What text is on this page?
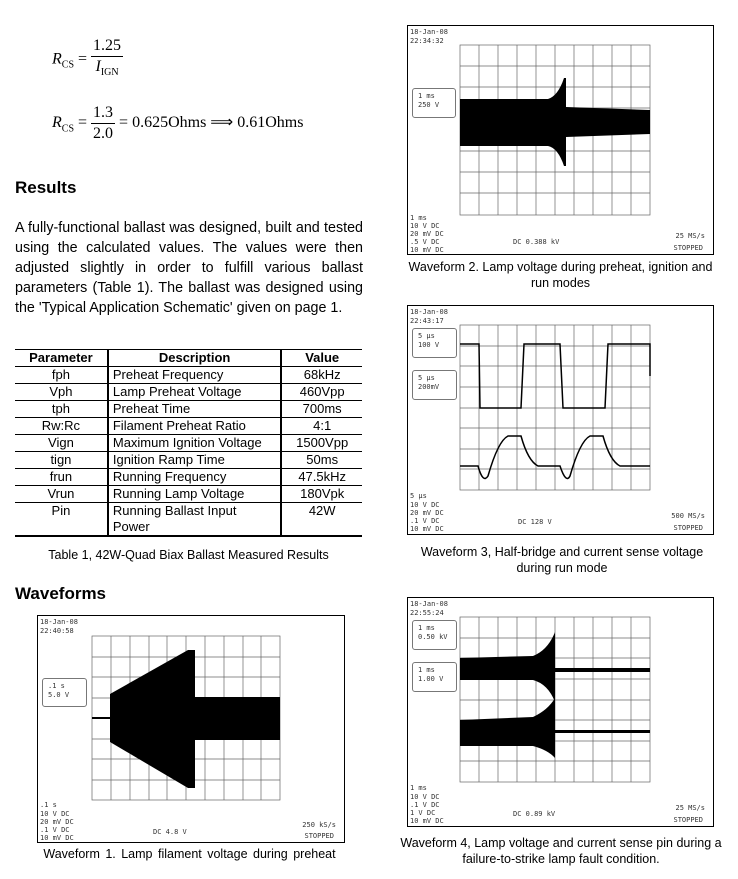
$R_{CS} = \frac{1.25}{I_{IGN}}$
$R_{CS} = \frac{1.3}{2.0}$ = 0.625Ohms ⟹ 0.61Ohms
Results
A fully-functional ballast was designed, built and tested using the calculated values. The values were then adjusted slightly in order to fulfill various ballast parameters (Table 1). The ballast was designed using the 'Typical Application Schematic' given on page 1.
Parameter	Description	Value
fph	Preheat Frequency	68kHz
Vph	Lamp Preheat Voltage	460Vpp
tph	Preheat Time	700ms
Rw:Rc	Filament Preheat Ratio	4:1
Vign	Maximum Ignition Voltage	1500Vpp
tign	Ignition Ramp Time	50ms
frun	Running Frequency	47.5kHz
Vrun	Running Lamp Voltage	180Vpk
Pin	Running Ballast Input Power	42W
Table 1, 42W-Quad Biax Ballast Measured Results
Waveforms
18-Jan-08
22:40:58
.1 s
5.0 V
.1 s
10 V DC
20 mV DC
.1 V DC
10 mV DC
DC 4.8 V
250 kS/s
STOPPED
Waveform 1. Lamp filament voltage during preheat
18-Jan-08
22:34:32
1 ms
250 V
1 ms
10 V DC
20 mV DC
.5 V DC
10 mV DC
DC 0.388 kV
25 MS/s
STOPPED
Waveform 2. Lamp voltage during preheat, ignition and run modes
18-Jan-08
22:43:17
5 µs
100 V
5 µs
200mV
5 µs
10 V DC
20 mV DC
.1 V DC
10 mV DC
DC 128 V
500 MS/s
STOPPED
Waveform 3, Half-bridge and current sense voltage during run mode
18-Jan-08
22:55:24
1 ms
0.50 kV
1 ms
1.00 V
1 ms
10 V DC
.1 V DC
1 V DC
10 mV DC
DC 0.89 kV
25 MS/s
STOPPED
Waveform 4, Lamp voltage and current sense pin during a failure-to-strike lamp fault condition.
